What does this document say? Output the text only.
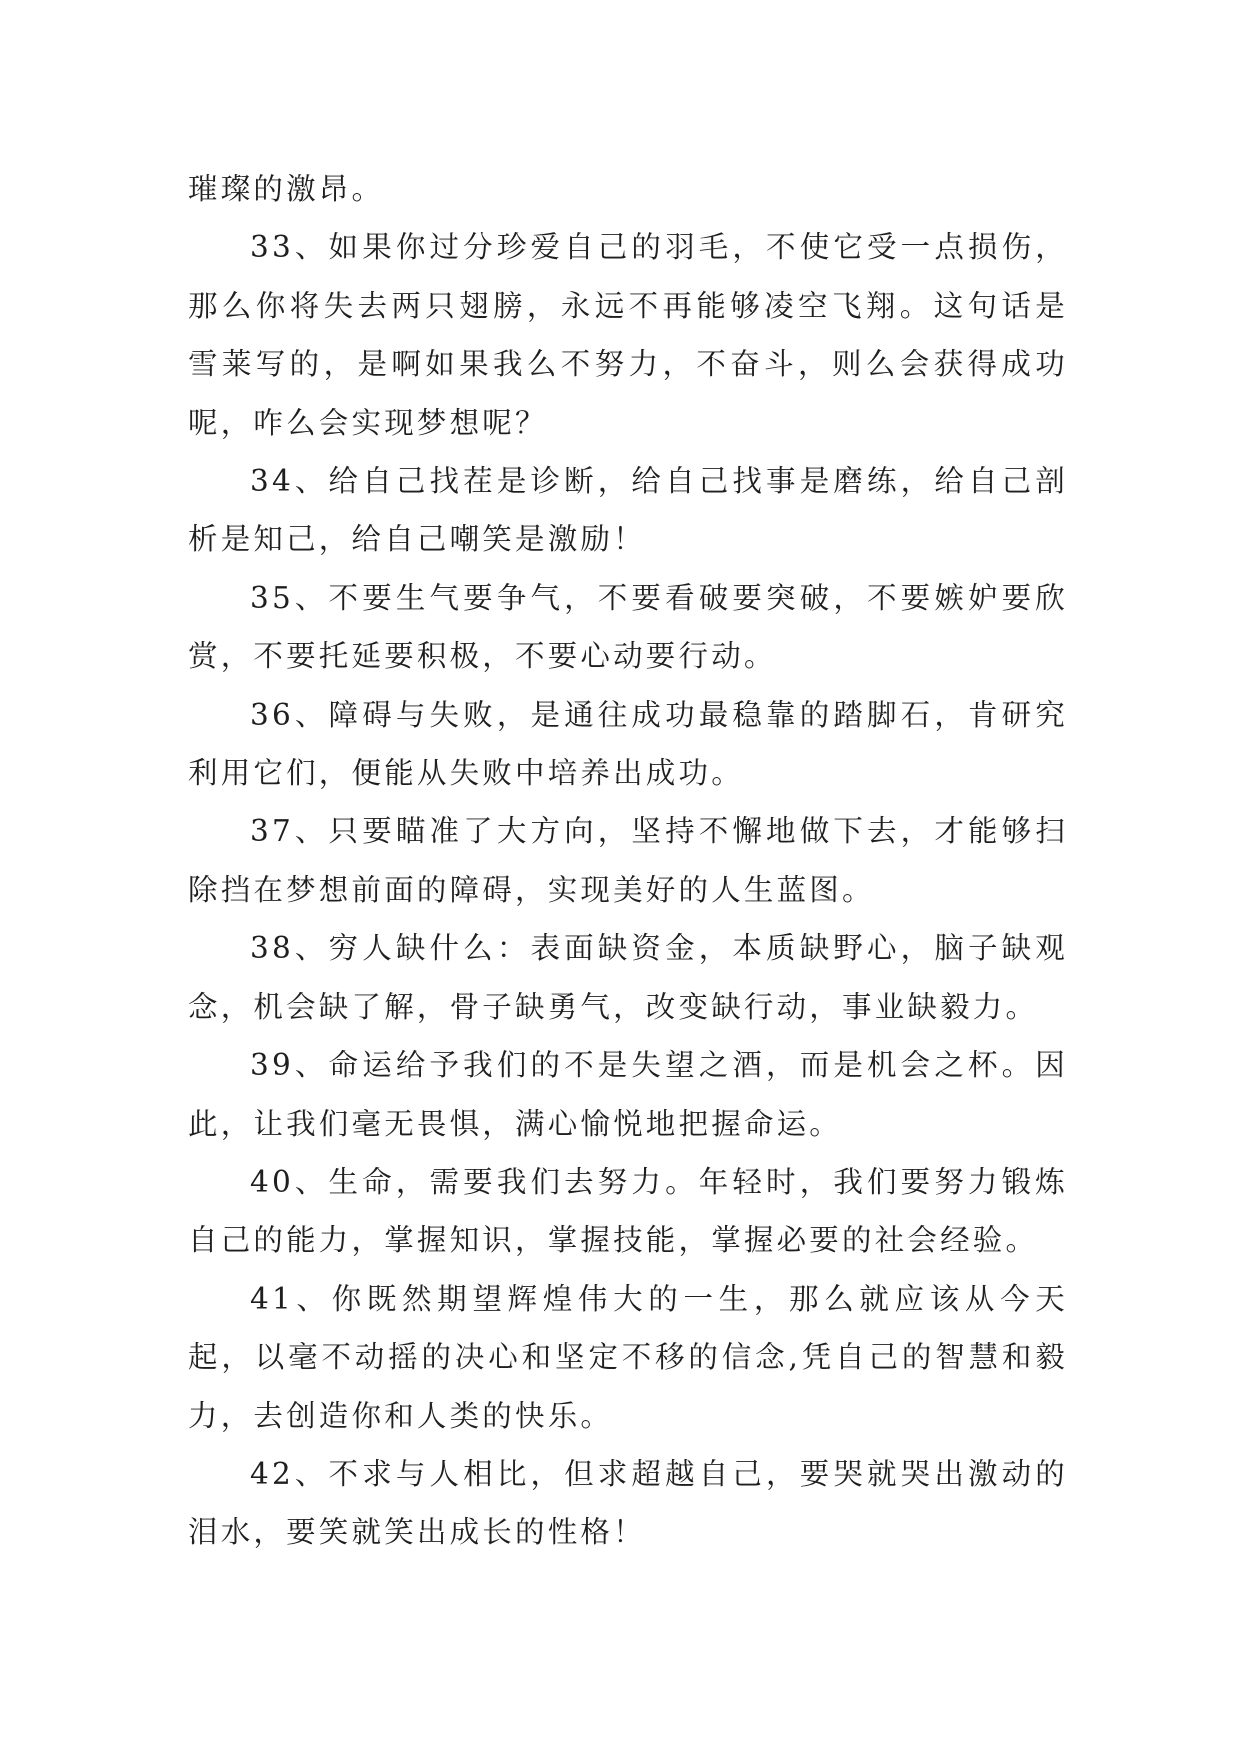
璀璨的激昂。

33、如果你过分珍爱自己的羽毛，不使它受一点损伤，那么你将失去两只翅膀，永远不再能够凌空飞翔。这句话是雪莱写的，是啊如果我么不努力，不奋斗，则么会获得成功呢，咋么会实现梦想呢？

34、给自己找茬是诊断，给自己找事是磨练，给自己剖析是知己，给自己嘲笑是激励！

35、不要生气要争气，不要看破要突破，不要嫉妒要欣赏，不要托延要积极，不要心动要行动。

36、障碍与失败，是通往成功最稳靠的踏脚石，肯研究利用它们，便能从失败中培养出成功。

37、只要瞄准了大方向，坚持不懈地做下去，才能够扫除挡在梦想前面的障碍，实现美好的人生蓝图。

38、穷人缺什么：表面缺资金，本质缺野心，脑子缺观念，机会缺了解，骨子缺勇气，改变缺行动，事业缺毅力。

39、命运给予我们的不是失望之酒，而是机会之杯。因此，让我们毫无畏惧，满心愉悦地把握命运。

40、生命，需要我们去努力。年轻时，我们要努力锻炼自己的能力，掌握知识，掌握技能，掌握必要的社会经验。

41、你既然期望辉煌伟大的一生，那么就应该从今天起，以毫不动摇的决心和坚定不移的信念,凭自己的智慧和毅力，去创造你和人类的快乐。

42、不求与人相比，但求超越自己，要哭就哭出激动的泪水，要笑就笑出成长的性格！
